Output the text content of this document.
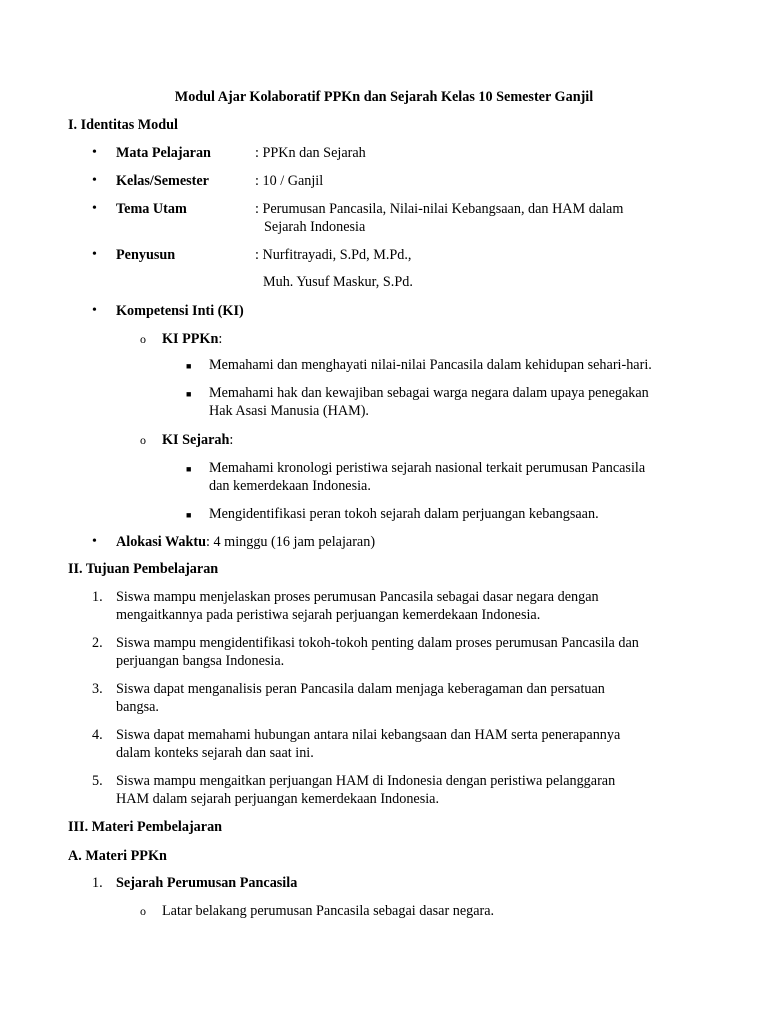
Modul Ajar Kolaboratif PPKn dan Sejarah Kelas 10 Semester Ganjil
I. Identitas Modul
• Mata Pelajaran	: PPKn dan Sejarah
• Kelas/Semester	: 10 / Ganjil
• Tema Utam	: Perumusan Pancasila, Nilai-nilai Kebangsaan, dan HAM dalam
Sejarah Indonesia
• Penyusun	: Nurfitrayadi, S.Pd, M.Pd.,
Muh. Yusuf Maskur, S.Pd.
• Kompetensi Inti (KI)
o KI PPKn:
■ Memahami dan menghayati nilai-nilai Pancasila dalam kehidupan sehari-hari.
■ Memahami hak dan kewajiban sebagai warga negara dalam upaya penegakan
Hak Asasi Manusia (HAM).
o KI Sejarah:
■ Memahami kronologi peristiwa sejarah nasional terkait perumusan Pancasila
dan kemerdekaan Indonesia.
■ Mengidentifikasi peran tokoh sejarah dalam perjuangan kebangsaan.
• Alokasi Waktu: 4 minggu (16 jam pelajaran)
II. Tujuan Pembelajaran
1. Siswa mampu menjelaskan proses perumusan Pancasila sebagai dasar negara dengan
mengaitkannya pada peristiwa sejarah perjuangan kemerdekaan Indonesia.
2. Siswa mampu mengidentifikasi tokoh-tokoh penting dalam proses perumusan Pancasila dan
perjuangan bangsa Indonesia.
3. Siswa dapat menganalisis peran Pancasila dalam menjaga keberagaman dan persatuan
bangsa.
4. Siswa dapat memahami hubungan antara nilai kebangsaan dan HAM serta penerapannya
dalam konteks sejarah dan saat ini.
5. Siswa mampu mengaitkan perjuangan HAM di Indonesia dengan peristiwa pelanggaran
HAM dalam sejarah perjuangan kemerdekaan Indonesia.
III. Materi Pembelajaran
A. Materi PPKn
1. Sejarah Perumusan Pancasila
o Latar belakang perumusan Pancasila sebagai dasar negara.
